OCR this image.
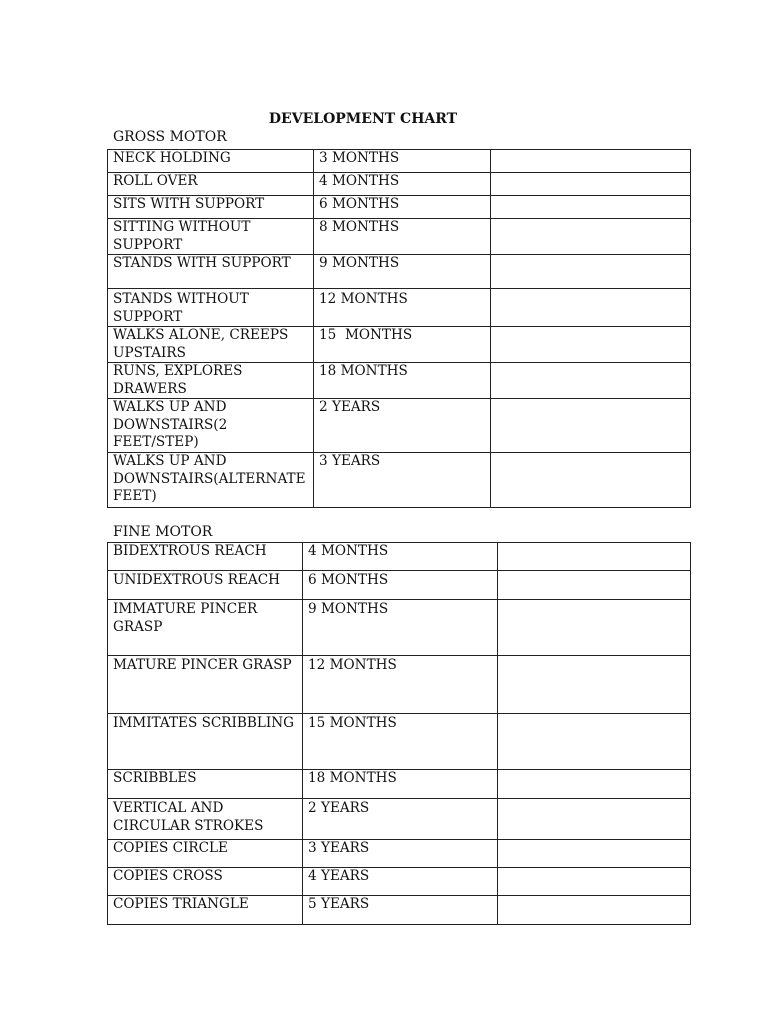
DEVELOPMENT CHART
GROSS MOTOR
NECK HOLDING	3 MONTHS	
ROLL OVER	4 MONTHS	
SITS WITH SUPPORT	6 MONTHS	
SITTING WITHOUT SUPPORT	8 MONTHS	
STANDS WITH SUPPORT	9 MONTHS	
STANDS WITHOUT SUPPORT	12 MONTHS	
WALKS ALONE, CREEPS UPSTAIRS	15  MONTHS	
RUNS, EXPLORES DRAWERS	18 MONTHS	
WALKS UP AND DOWNSTAIRS(2 FEET/STEP)	2 YEARS	
WALKS UP AND DOWNSTAIRS(ALTERNATE FEET)	3 YEARS	
FINE MOTOR
BIDEXTROUS REACH	4 MONTHS	
UNIDEXTROUS REACH	6 MONTHS	
IMMATURE PINCER GRASP	9 MONTHS	
MATURE PINCER GRASP	12 MONTHS	
IMMITATES SCRIBBLING	15 MONTHS	
SCRIBBLES	18 MONTHS	
VERTICAL AND CIRCULAR STROKES	2 YEARS	
COPIES CIRCLE	3 YEARS	
COPIES CROSS	4 YEARS	
COPIES TRIANGLE	5 YEARS	
